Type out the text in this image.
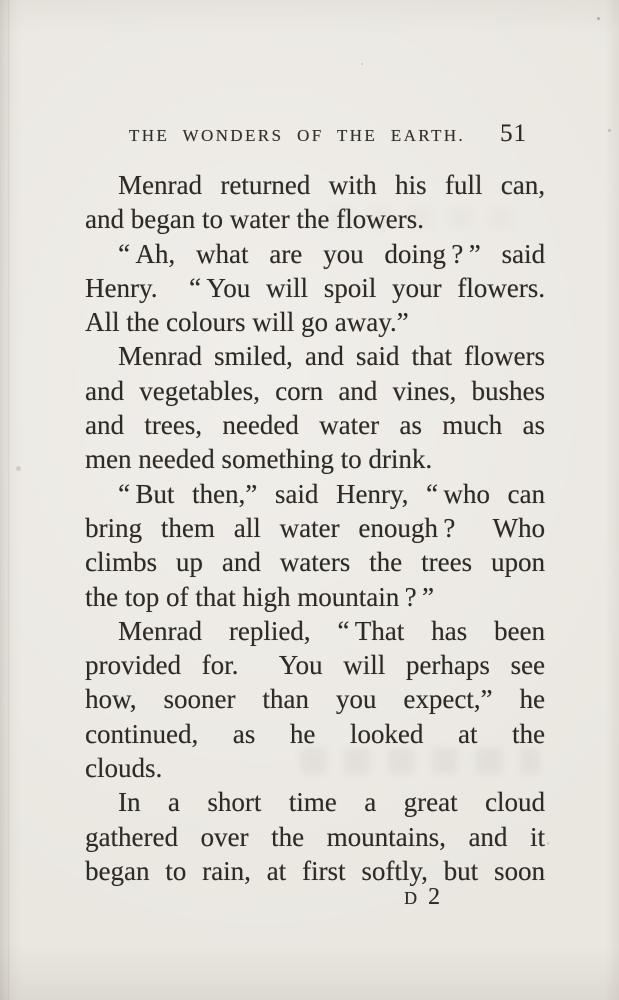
THE WONDERS OF THE EARTH.	51
Menrad returned with his full can,
and began to water the flowers.
“ Ah, what are you doing ? ” said
Henry.  “ You will spoil your flowers.
All the colours will go away.”
Menrad smiled, and said that flowers
and vegetables, corn and vines, bushes
and trees, needed water as much as
men needed something to drink.
“ But then,” said Henry, “ who can
bring them all water enough ?  Who
climbs up and waters the trees upon
the top of that high mountain ? ”
Menrad replied, “ That has been
provided for.  You will perhaps see
how, sooner than you expect,” he
continued, as he looked at the
clouds.
In a short time a great cloud
gathered over the mountains, and it
began to rain, at first softly, but soon
D 2
